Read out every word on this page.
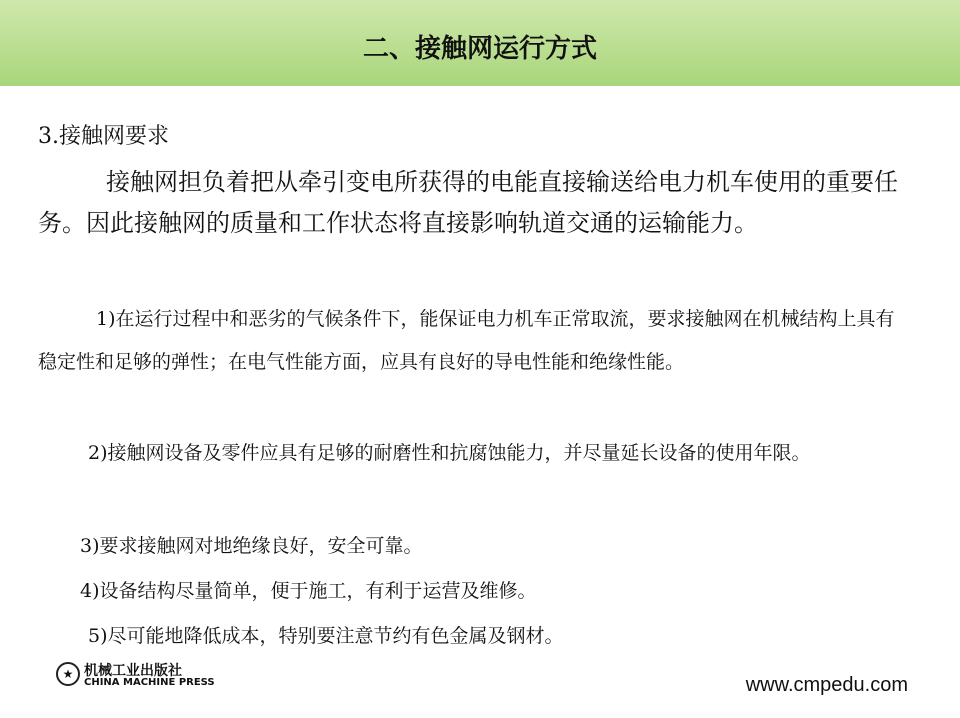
二、接触网运行方式
3.接触网要求
接触网担负着把从牵引变电所获得的电能直接输送给电力机车使用的重要任务。因此接触网的质量和工作状态将直接影响轨道交通的运输能力。
1)在运行过程中和恶劣的气候条件下，能保证电力机车正常取流，要求接触网在机械结构上具有稳定性和足够的弹性；在电气性能方面，应具有良好的导电性能和绝缘性能。
2)接触网设备及零件应具有足够的耐磨性和抗腐蚀能力，并尽量延长设备的使用年限。
3)要求接触网对地绝缘良好，安全可靠。
4)设备结构尽量简单，便于施工，有利于运营及维修。
5)尽可能地降低成本，特别要注意节约有色金属及钢材。
★ 机械工业出版社
CHINA MACHINE PRESS	www.cmpedu.com
